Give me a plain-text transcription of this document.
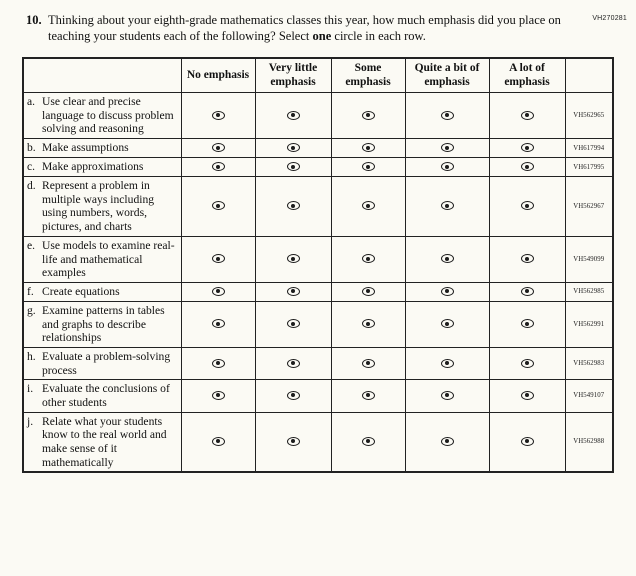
VH270281
10. Thinking about your eighth-grade mathematics classes this year, how much emphasis did you place on teaching your students each of the following? Select one circle in each row.
	No emphasis	Very little emphasis	Some emphasis	Quite a bit of emphasis	A lot of emphasis	

a. Use clear and precise language to discuss problem solving and reasoning						VH562965

b. Make assumptions						VH617994

c. Make approximations						VH617995

d. Represent a problem in multiple ways including using numbers, words, pictures, and charts						VH562967

e. Use models to examine real-life and mathematical examples						VH549099

f. Create equations						VH562985

g. Examine patterns in tables and graphs to describe relationships						VH562991

h. Evaluate a problem-solving process						VH562983

i. Evaluate the conclusions of other students						VH549107

j. Relate what your students know to the real world and make sense of it mathematically						VH562988
